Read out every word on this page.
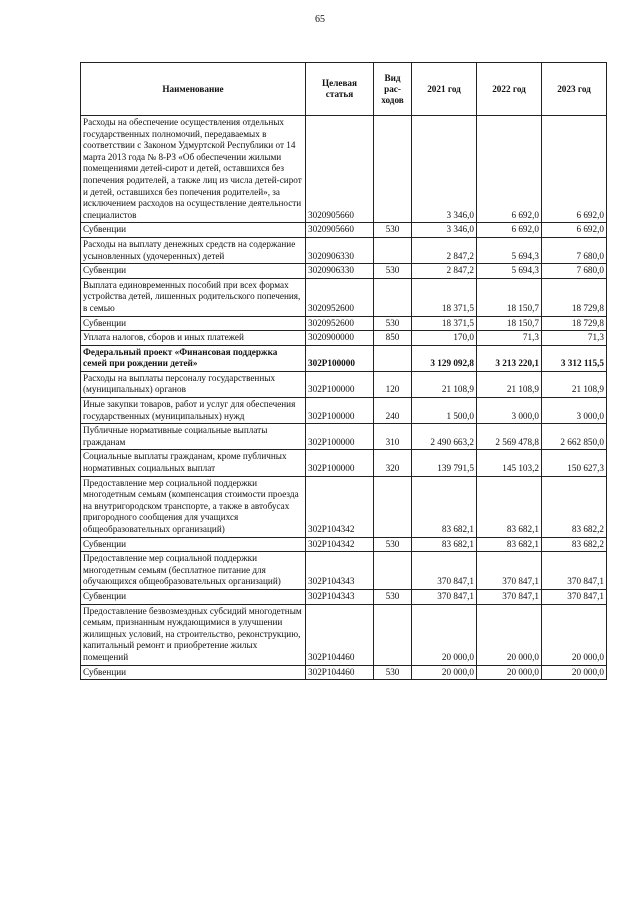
65
Наименование	Целевая статья	Вид рас-ходов	2021 год	2022 год	2023 год
Расходы на обеспечение осуществления отдельных государственных полномочий, передаваемых в соответствии с Законом Удмуртской Республики от 14 марта 2013 года № 8-РЗ «Об обеспечении жилыми помещениями детей-сирот и детей, оставшихся без попечения родителей, а также лиц из числа детей-сирот и детей, оставшихся без попечения родителей», за исключением расходов на осуществление деятельности специалистов	3020905660		3 346,0	6 692,0	6 692,0
Субвенции	3020905660	530	3 346,0	6 692,0	6 692,0
Расходы на выплату денежных средств на содержание усыновленных (удочеренных) детей	3020906330		2 847,2	5 694,3	7 680,0
Субвенции	3020906330	530	2 847,2	5 694,3	7 680,0
Выплата единовременных пособий при всех формах устройства детей, лишенных родительского попечения, в семью	3020952600		18 371,5	18 150,7	18 729,8
Субвенции	3020952600	530	18 371,5	18 150,7	18 729,8
Уплата налогов, сборов и иных платежей	3020900000	850	170,0	71,3	71,3
Федеральный проект «Финансовая поддержка семей при рождении детей»	302P100000		3 129 092,8	3 213 220,1	3 312 115,5
Расходы на выплаты персоналу государственных (муниципальных) органов	302P100000	120	21 108,9	21 108,9	21 108,9
Иные закупки товаров, работ и услуг для обеспечения государственных (муниципальных) нужд	302P100000	240	1 500,0	3 000,0	3 000,0
Публичные нормативные социальные выплаты гражданам	302P100000	310	2 490 663,2	2 569 478,8	2 662 850,0
Социальные выплаты гражданам, кроме публичных нормативных социальных выплат	302P100000	320	139 791,5	145 103,2	150 627,3
Предоставление мер социальной поддержки многодетным семьям (компенсация стоимости проезда на внутригородском транспорте, а также в автобусах пригородного сообщения для учащихся общеобразовательных организаций)	302P104342		83 682,1	83 682,1	83 682,2
Субвенции	302P104342	530	83 682,1	83 682,1	83 682,2
Предоставление мер социальной поддержки многодетным семьям (бесплатное питание для обучающихся общеобразовательных организаций)	302P104343		370 847,1	370 847,1	370 847,1
Субвенции	302P104343	530	370 847,1	370 847,1	370 847,1
Предоставление безвозмездных субсидий многодетным семьям, признанным нуждающимися в улучшении жилищных условий, на строительство, реконструкцию, капитальный ремонт и приобретение жилых помещений	302P104460		20 000,0	20 000,0	20 000,0
Субвенции	302P104460	530	20 000,0	20 000,0	20 000,0
